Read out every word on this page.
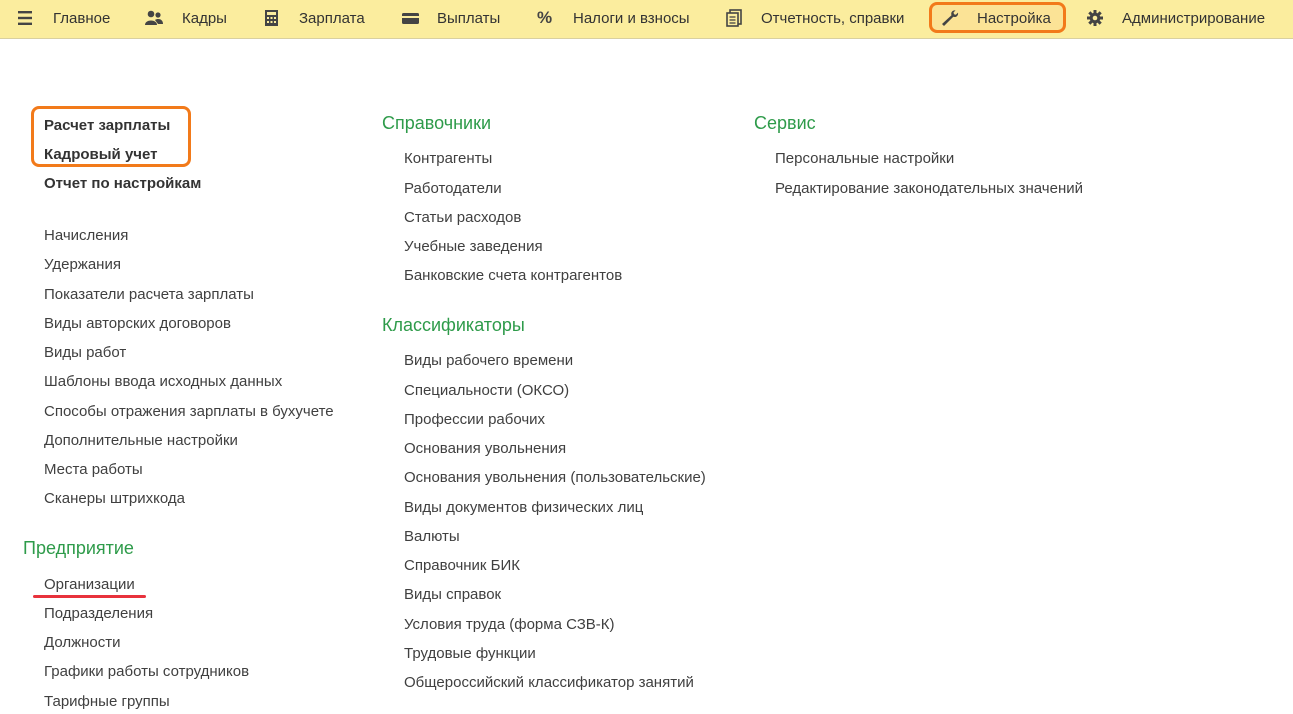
Главное	Кадры	Зарплата	Выплаты %	Налоги и взносы	Отчетность, справки	Настройка	Администрирование
Расчет зарплаты
Кадровый учет
Отчет по настройкам
Начисления
Удержания
Показатели расчета зарплаты
Виды авторских договоров
Виды работ
Шаблоны ввода исходных данных
Способы отражения зарплаты в бухучете
Дополнительные настройки
Места работы
Сканеры штрихкода
Предприятие
Организации
Подразделения
Должности
Графики работы сотрудников
Тарифные группы
Справочники
Контрагенты
Работодатели
Статьи расходов
Учебные заведения
Банковские счета контрагентов
Классификаторы
Виды рабочего времени
Специальности (ОКСО)
Профессии рабочих
Основания увольнения
Основания увольнения (пользовательские)
Виды документов физических лиц
Валюты
Справочник БИК
Виды справок
Условия труда (форма СЗВ-К)
Трудовые функции
Общероссийский классификатор занятий
Сервис
Персональные настройки
Редактирование законодательных значений
